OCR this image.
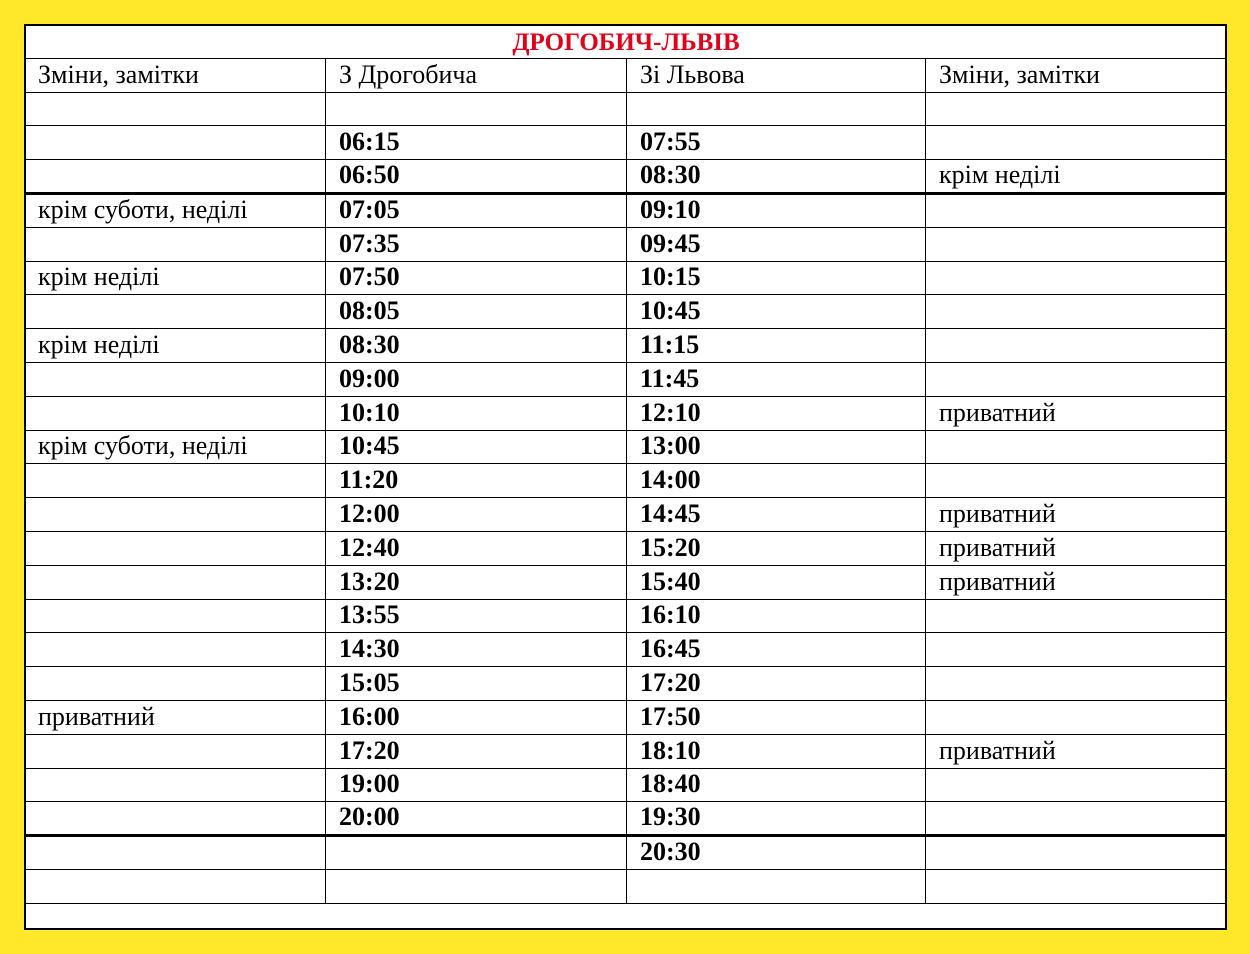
ДРОГОБИЧ-ЛЬВІВ			
Зміни, замітки	З Дрогобича	Зі Львова	Зміни, замітки

	06:15	07:55	
	06:50	08:30	крім неділі
крім суботи, неділі	07:05	09:10	
	07:35	09:45	
крім неділі	07:50	10:15	
	08:05	10:45	
крім неділі	08:30	11:15	
	09:00	11:45	
	10:10	12:10	приватний
крім суботи, неділі	10:45	13:00	
	11:20	14:00	
	12:00	14:45	приватний
	12:40	15:20	приватний
	13:20	15:40	приватний
	13:55	16:10	
	14:30	16:45	
	15:05	17:20	
приватний	16:00	17:50	
	17:20	18:10	приватний
	19:00	18:40	
	20:00	19:30	
		20:30	
